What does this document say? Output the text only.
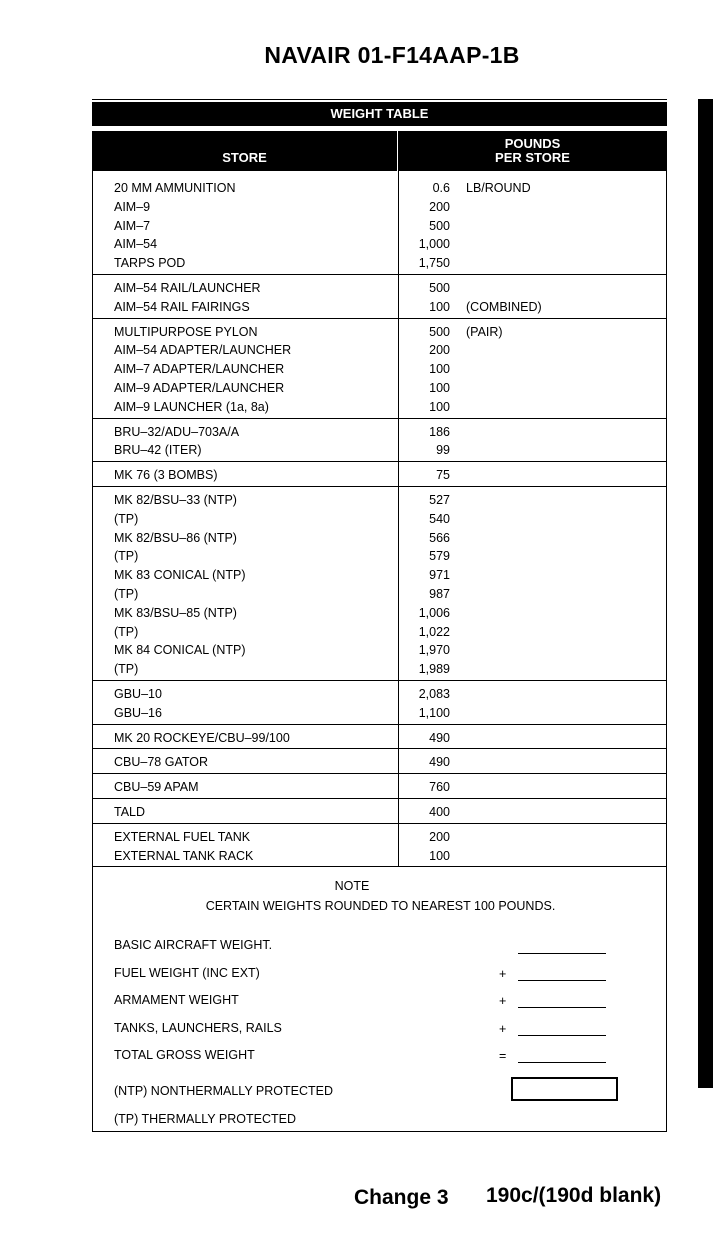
NAVAIR 01-F14AAP-1B
WEIGHT TABLE
STORE
POUNDS
PER STORE
20 MM AMMUNITION	0.6	LB/ROUND
AIM–9	200
AIM–7	500
AIM–54	1,000
TARPS POD	1,750
AIM–54 RAIL/LAUNCHER	500
AIM–54 RAIL FAIRINGS	100	(COMBINED)
MULTIPURPOSE PYLON	500	(PAIR)
AIM–54 ADAPTER/LAUNCHER	200
AIM–7 ADAPTER/LAUNCHER	100
AIM–9 ADAPTER/LAUNCHER	100
AIM–9 LAUNCHER (1a, 8a)	100
BRU–32/ADU–703A/A	186
BRU–42 (ITER)	99
MK 76 (3 BOMBS)	75
MK 82/BSU–33 (NTP)	527
(TP)	540
MK 82/BSU–86 (NTP)	566
(TP)	579
MK 83 CONICAL (NTP)	971
(TP)	987
MK 83/BSU–85 (NTP)	1,006
(TP)	1,022
MK 84 CONICAL (NTP)	1,970
(TP)	1,989
GBU–10	2,083
GBU–16	1,100
MK 20 ROCKEYE/CBU–99/100	490
CBU–78 GATOR	490
CBU–59 APAM	760
TALD	400
EXTERNAL FUEL TANK	200
EXTERNAL TANK RACK	100
NOTE
CERTAIN WEIGHTS ROUNDED TO NEAREST 100 POUNDS.
BASIC AIRCRAFT WEIGHT.
FUEL WEIGHT (INC EXT)	+
ARMAMENT WEIGHT	+
TANKS, LAUNCHERS, RAILS	+
TOTAL GROSS WEIGHT	=
(NTP) NONTHERMALLY PROTECTED
(TP) THERMALLY PROTECTED
Change 3 190c/(190d blank)
